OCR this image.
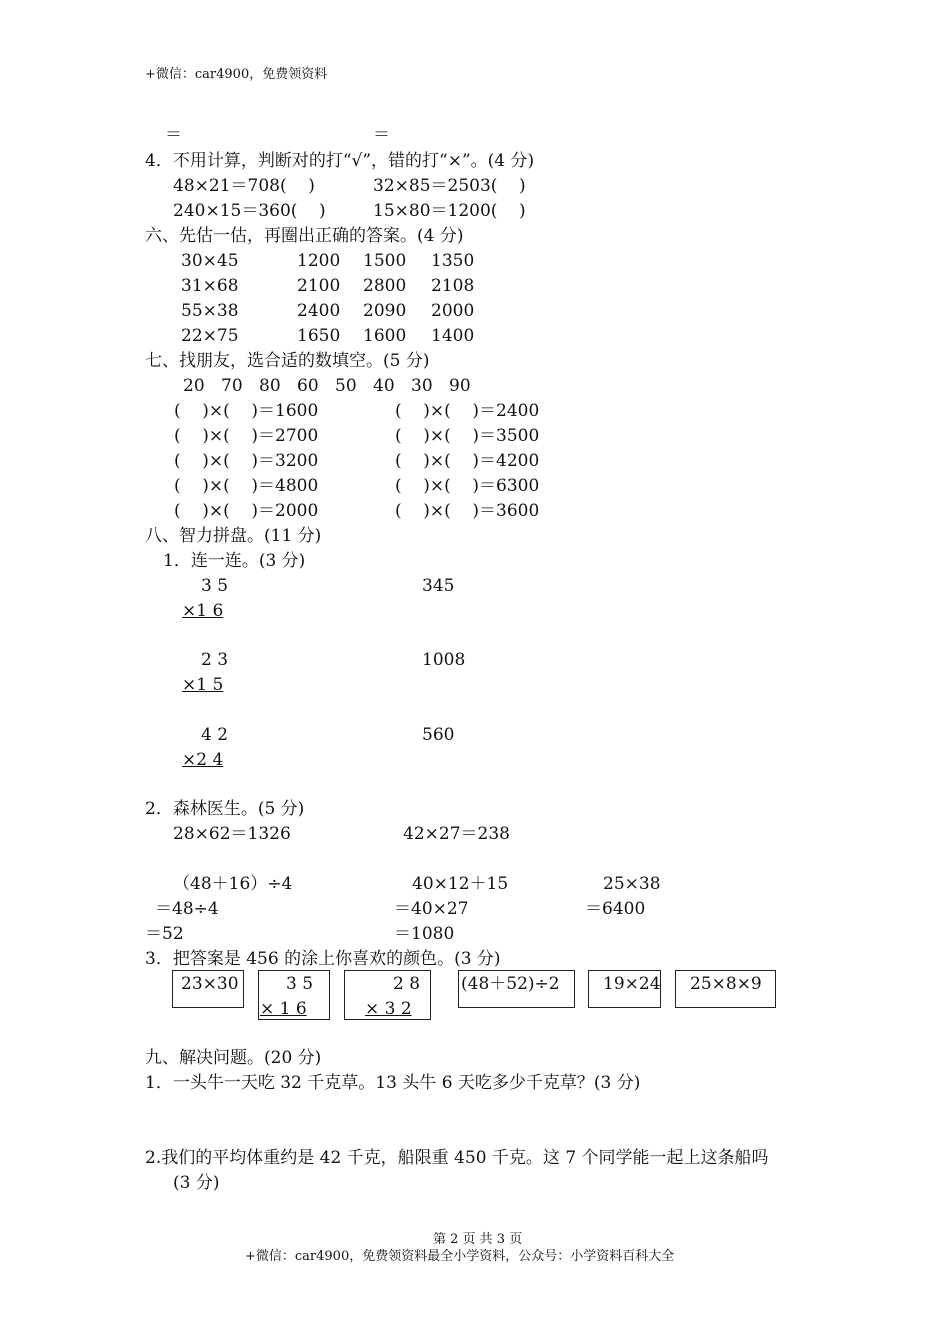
+微信：car4900，免费领资料
＝	＝
4．不用计算，判断对的打“√”，错的打“×”。(4 分)
48×21＝708(    )	32×85＝2503(    )
240×15＝360(    )	15×80＝1200(    )
六、先估一估，再圈出正确的答案。(4 分)
30×45	1200 1500 1350
31×68	2100 2800 2108
55×38	2400 2090 2000
22×75	1650 1600 1400
七、找朋友，选合适的数填空。(5 分)
20 70 80 60 50 40 30 90
(    )×(    )＝1600	(    )×(    )＝2400
(    )×(    )＝2700	(    )×(    )＝3500
(    )×(    )＝3200	(    )×(    )＝4200
(    )×(    )＝4800	(    )×(    )＝6300
(    )×(    )＝2000	(    )×(    )＝3600
八、智力拼盘。(11 分)
1．连一连。(3 分)
3 5
×1 6
345
2 3
×1 5
1008
4 2
×2 4
560
2．森林医生。(5 分)
28×62＝1326	42×27＝238
（48＋16）÷4
＝48÷4
＝52
40×12＋15
＝40×27
＝1080
25×38
＝6400
3．把答案是 456 的涂上你喜欢的颜色。(3 分)
23×30	3 5
× 1 6
2 8
× 3 2
(48＋52)÷2	19×24 25×8×9
九、解决问题。(20 分)
1．一头牛一天吃 32 千克草。13 头牛 6 天吃多少千克草？(3 分)
2.我们的平均体重约是 42 千克，船限重 450 千克。这 7 个同学能一起上这条船吗
(3 分)
第 2 页 共 3 页
+微信：car4900，免费领资料最全小学资料，公众号：小学资料百科大全
